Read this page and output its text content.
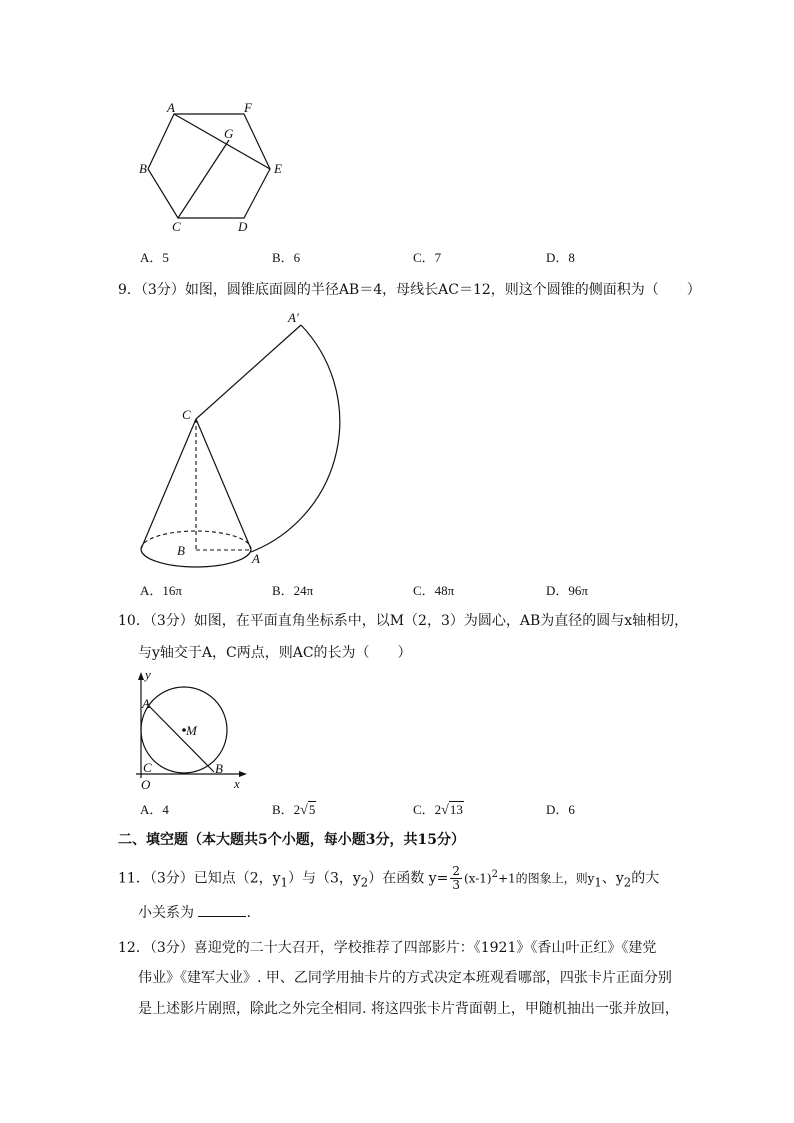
A	F
G
B	E
C	D
A．5	B．6	C．7	D．8
9．（3分）如图，圆锥底面圆的半径AB＝4，母线长AC＝12，则这个圆锥的侧面积为（　　）
A′
C
B
A
A．16π	B．24π	C．48π	D．96π
10．（3分）如图，在平面直角坐标系中，以M（2，3）为圆心，AB为直径的圆与x轴相切，
与y轴交于A，C两点，则AC的长为（　　）
y
A
M
C
O
B
x
A．4	B．2√5	C．2√13	D．6
二、填空题（本大题共5个小题，每小题3分，共15分）
11．（3分）已知点（2，$y_1$）与（3，$y_2$）在函数 $y= \frac{2}{3} (x-1)^2+1$的图象上，则$y_1$、$y_2$的大
小关系为	.
12．（3分）喜迎党的二十大召开，学校推荐了四部影片：《1921》《香山叶正红》《建党
伟业》《建军大业》. 甲、乙同学用抽卡片的方式决定本班观看哪部，四张卡片正面分别
是上述影片剧照，除此之外完全相同. 将这四张卡片背面朝上，甲随机抽出一张并放回，
